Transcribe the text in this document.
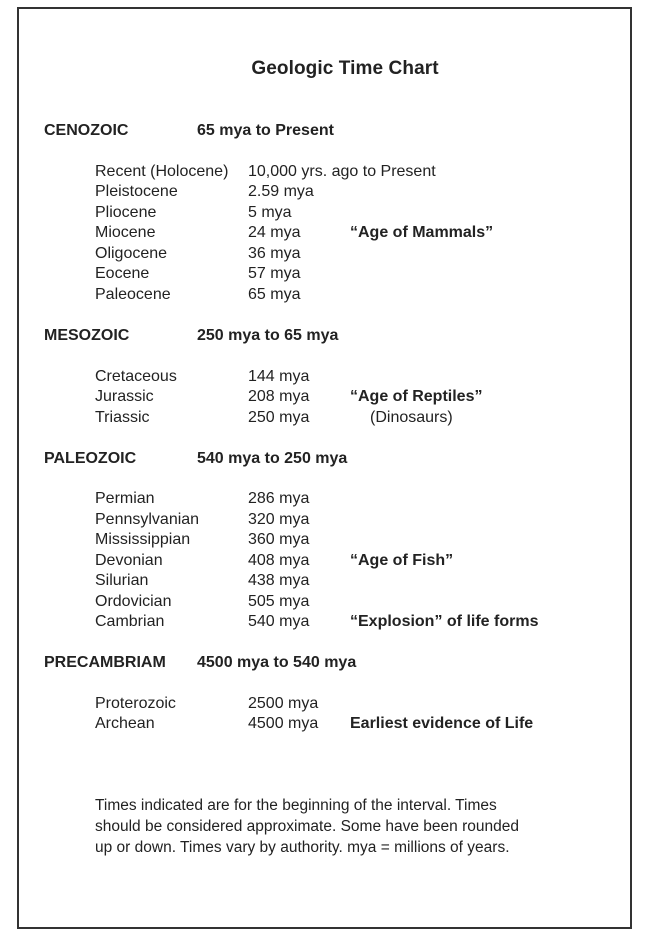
Geologic Time Chart
CENOZOIC	65 mya to Present
Recent (Holocene) 10,000 yrs. ago to Present
Pleistocene	2.59 mya
Pliocene	5 mya
Miocene	24 mya	“Age of Mammals”
Oligocene	36 mya
Eocene	57 mya
Paleocene	65 mya
MESOZOIC	250 mya to 65 mya
Cretaceous	144 mya
Jurassic	208 mya	“Age of Reptiles”
Triassic	250 mya	(Dinosaurs)
PALEOZOIC	540 mya to 250 mya
Permian	286 mya
Pennsylvanian	320 mya
Mississippian	360 mya
Devonian	408 mya	“Age of Fish”
Silurian	438 mya
Ordovician	505 mya
Cambrian	540 mya	“Explosion” of life forms
PRECAMBRIAM 4500 mya to 540 mya
Proterozoic	2500 mya
Archean	4500 mya Earliest evidence of Life
Times indicated are for the beginning of the interval. Times
should be considered approximate. Some have been rounded
up or down. Times vary by authority. mya = millions of years.
